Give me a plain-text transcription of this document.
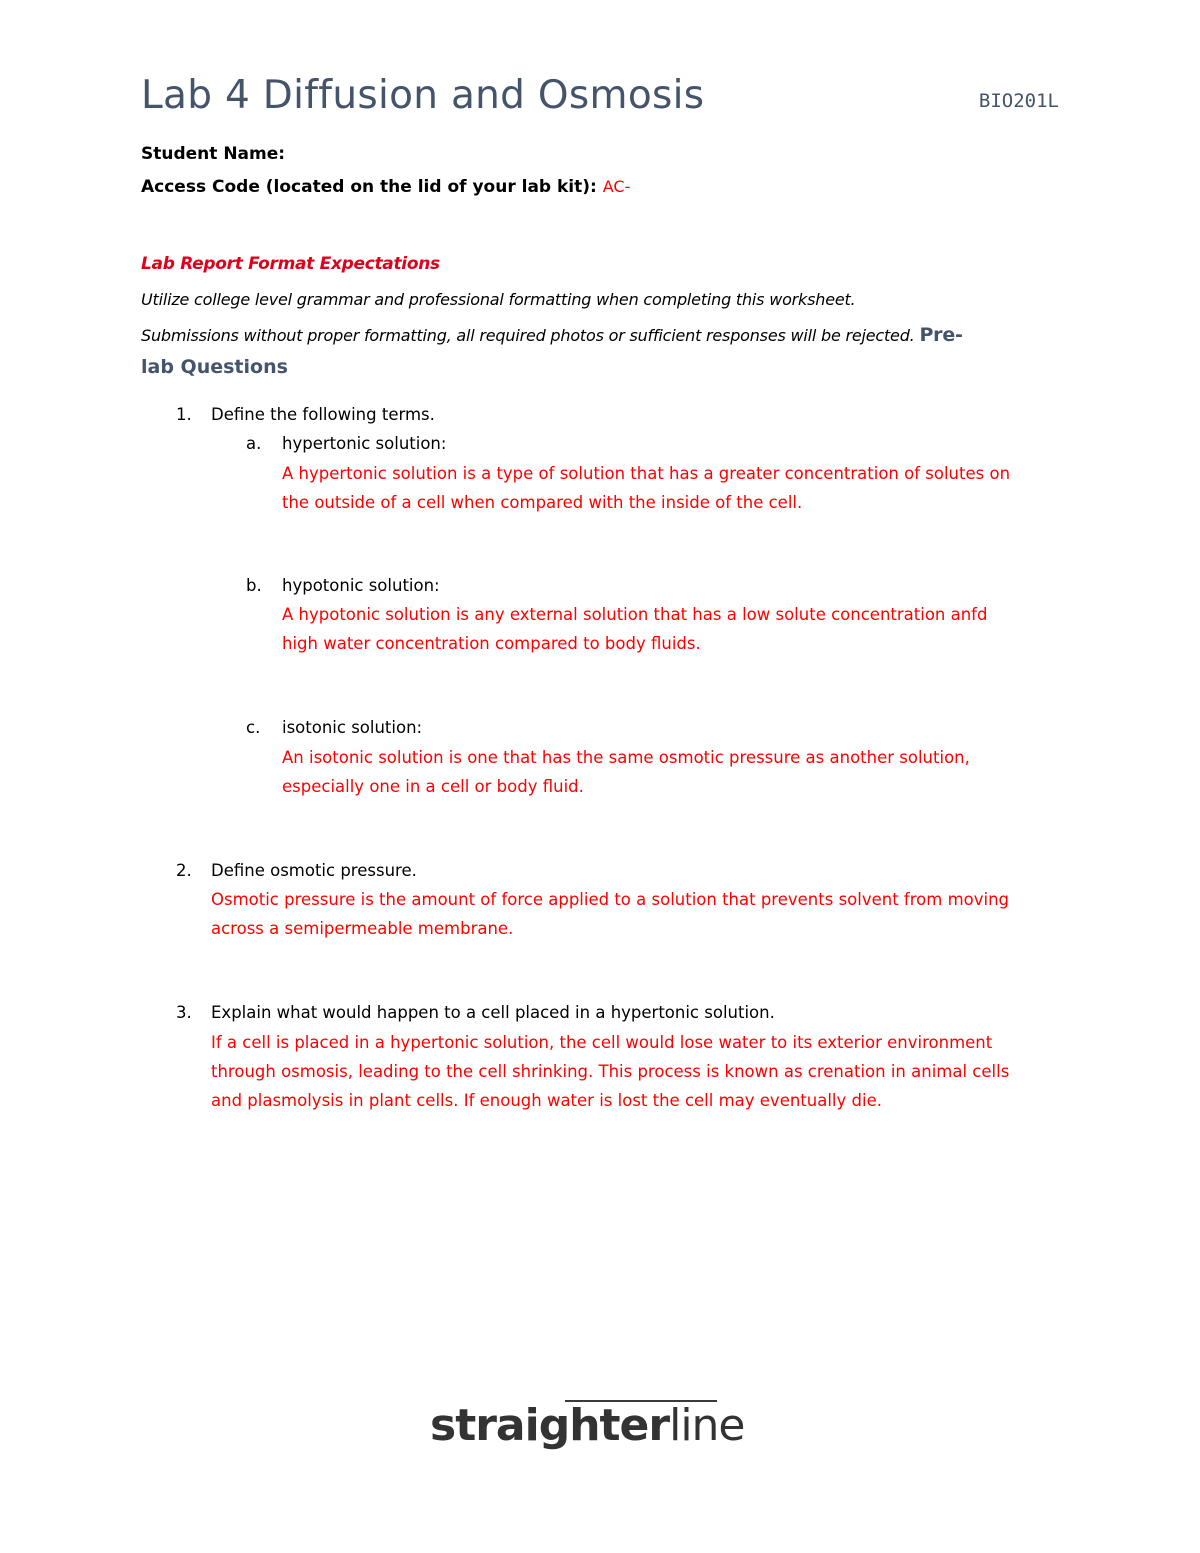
Lab 4 Diffusion and Osmosis	BIO201L
Student Name:
Access Code (located on the lid of your lab kit): AC-
Lab Report Format Expectations
Utilize college level grammar and professional formatting when completing this worksheet.
Submissions without proper formatting, all required photos or sufficient responses will be rejected. Pre-
lab Questions
1. Define the following terms.
a. hypertonic solution:
A hypertonic solution is a type of solution that has a greater concentration of solutes on
the outside of a cell when compared with the inside of the cell.
b. hypotonic solution:
A hypotonic solution is any external solution that has a low solute concentration anfd
high water concentration compared to body fluids.
c. isotonic solution:
An isotonic solution is one that has the same osmotic pressure as another solution,
especially one in a cell or body fluid.
2. Define osmotic pressure.
Osmotic pressure is the amount of force applied to a solution that prevents solvent from moving
across a semipermeable membrane.
3. Explain what would happen to a cell placed in a hypertonic solution.
If a cell is placed in a hypertonic solution, the cell would lose water to its exterior environment
through osmosis, leading to the cell shrinking. This process is known as crenation in animal cells
and plasmolysis in plant cells. If enough water is lost the cell may eventually die.
straighterline
